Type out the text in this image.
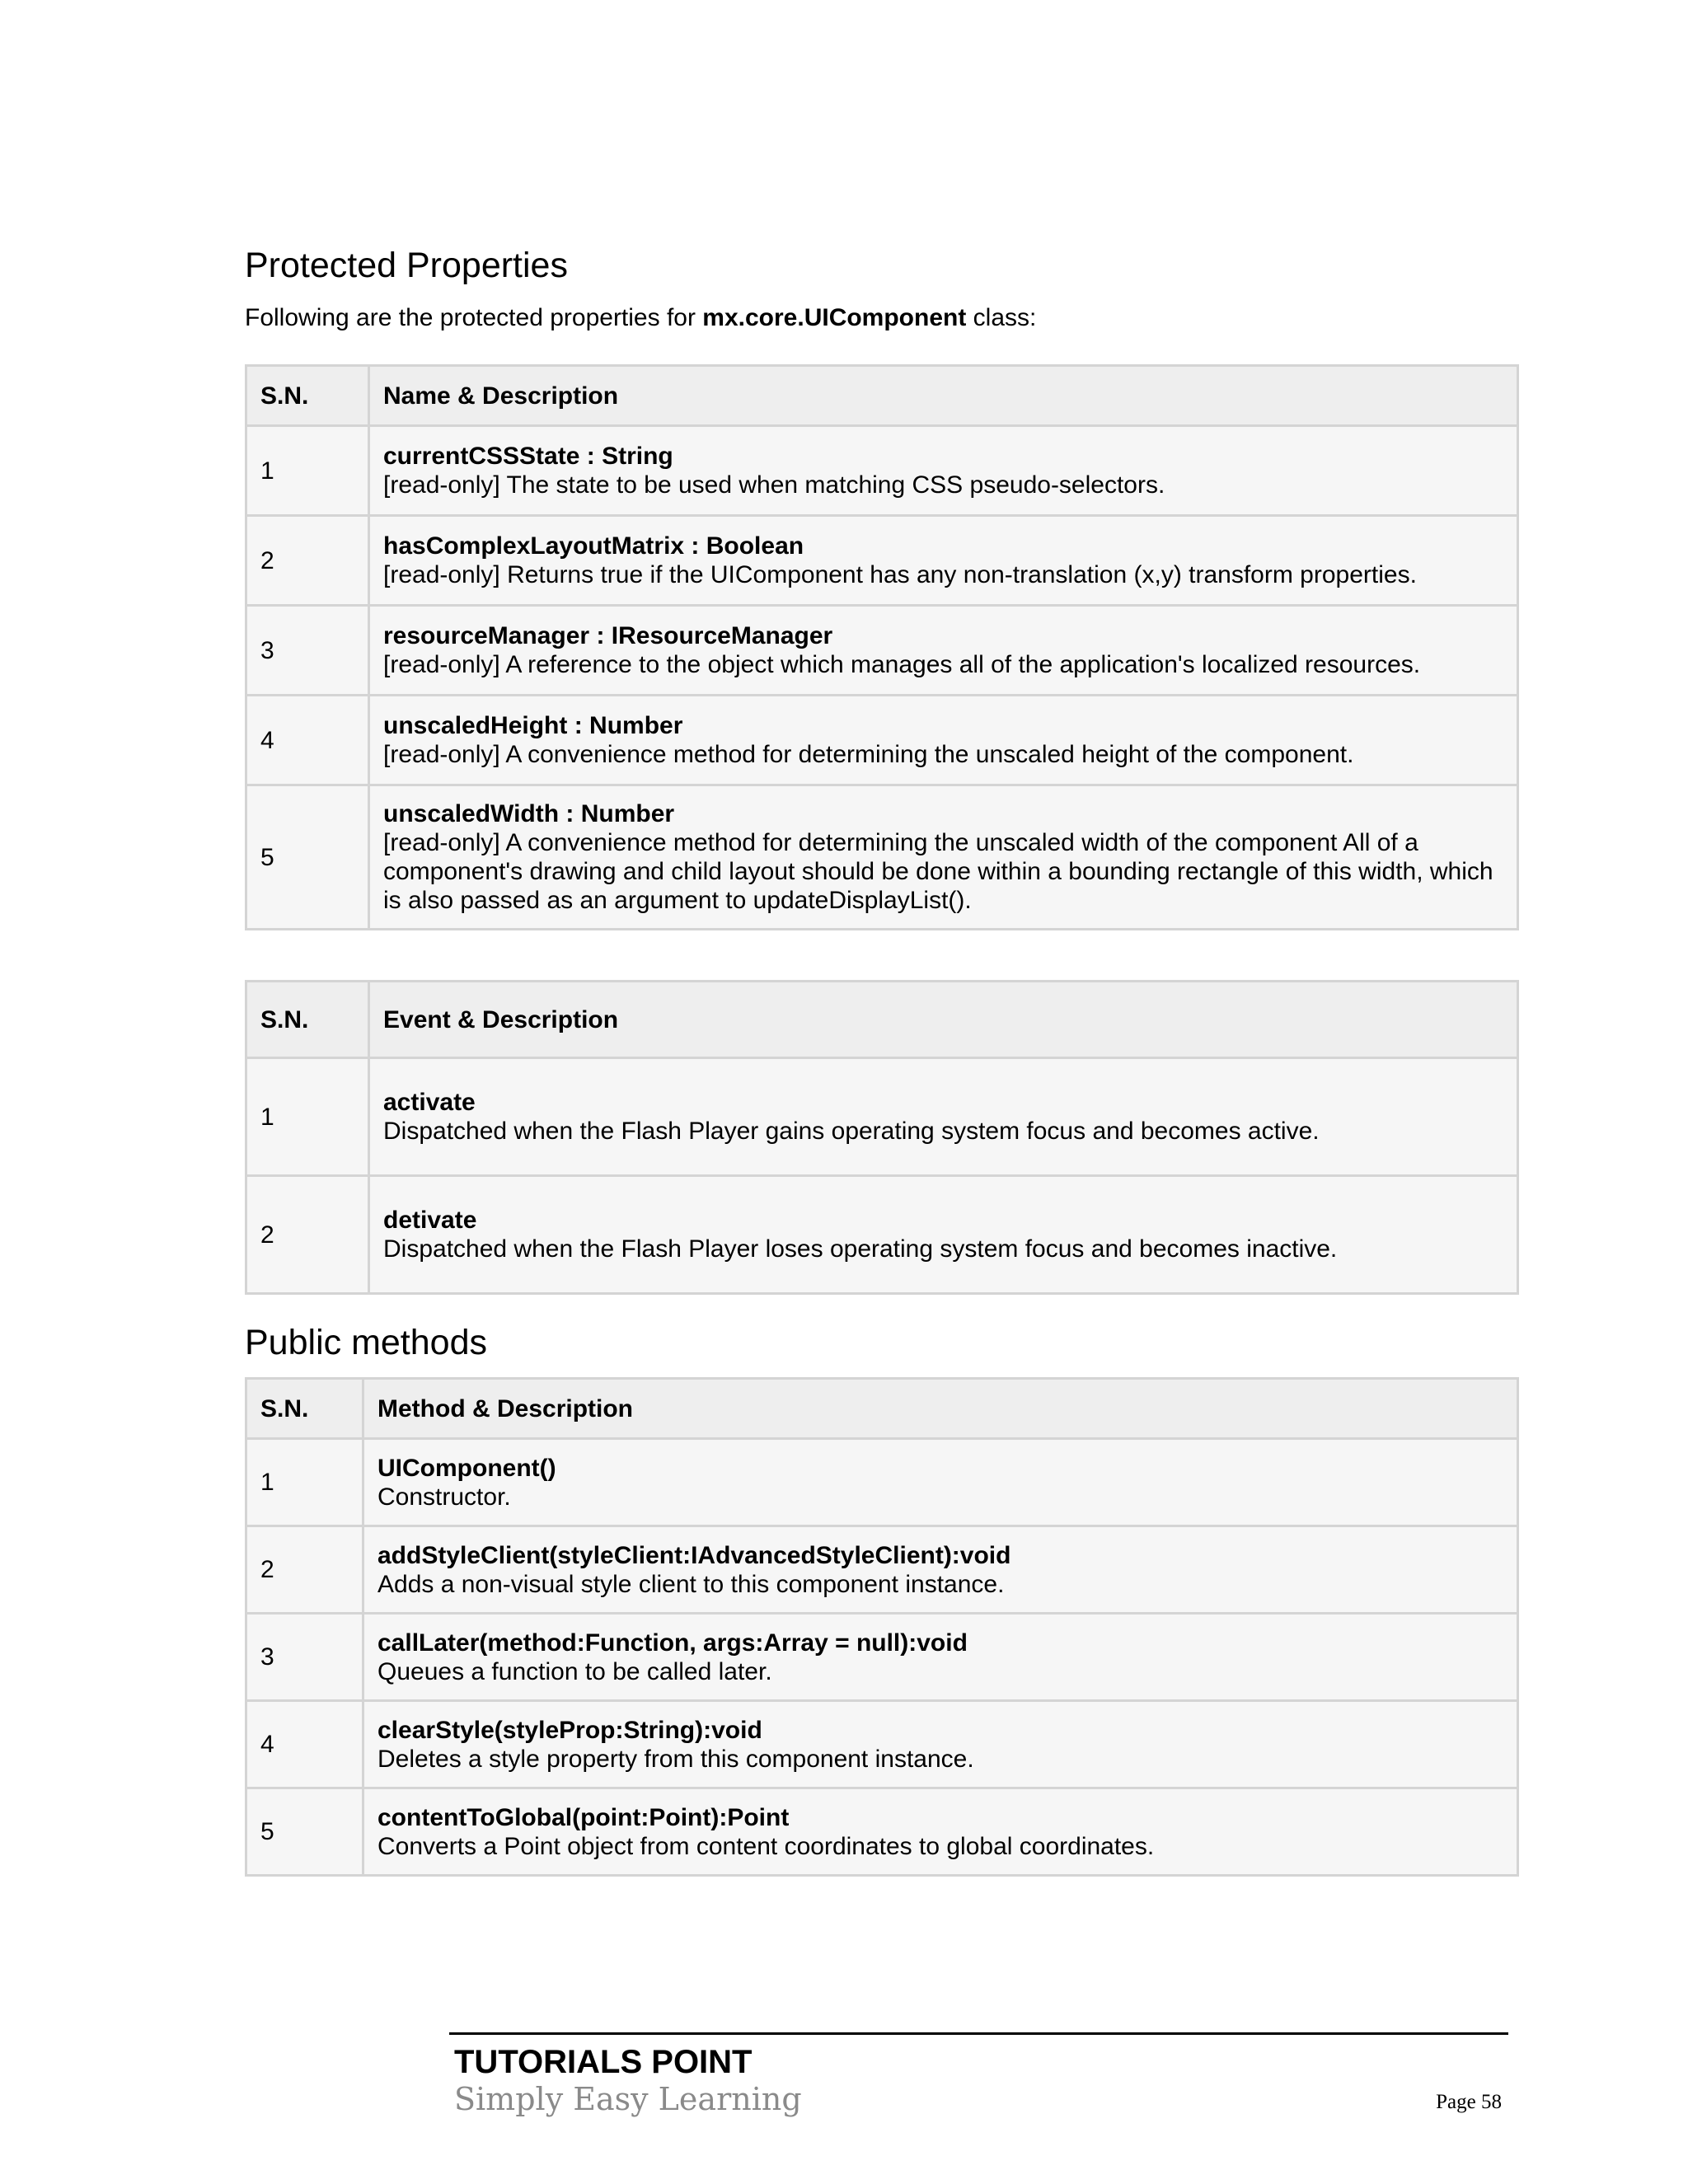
Protected Properties
Following are the protected properties for mx.core.UIComponent class:
S.N.	Name & Description
1	currentCSSState : String
[read-only] The state to be used when matching CSS pseudo-selectors.

2	hasComplexLayoutMatrix : Boolean
[read-only] Returns true if the UIComponent has any non-translation (x,y) transform properties.

3	resourceManager : IResourceManager
[read-only] A reference to the object which manages all of the application's localized resources.

4	unscaledHeight : Number
[read-only] A convenience method for determining the unscaled height of the component.

5	unscaledWidth : Number
[read-only] A convenience method for determining the unscaled width of the component All of a component's drawing and child layout should be done within a bounding rectangle of this width, which is also passed as an argument to updateDisplayList().
S.N.	Event & Description
1	activate
Dispatched when the Flash Player gains operating system focus and becomes active.

2	detivate
Dispatched when the Flash Player loses operating system focus and becomes inactive.
Public methods
S.N.	Method & Description
1	UIComponent()
Constructor.

2	addStyleClient(styleClient:IAdvancedStyleClient):void
Adds a non-visual style client to this component instance.

3	callLater(method:Function, args:Array = null):void
Queues a function to be called later.

4	clearStyle(styleProp:String):void
Deletes a style property from this component instance.

5	contentToGlobal(point:Point):Point
Converts a Point object from content coordinates to global coordinates.
TUTORIALS POINT
Simply Easy Learning	Page 58
